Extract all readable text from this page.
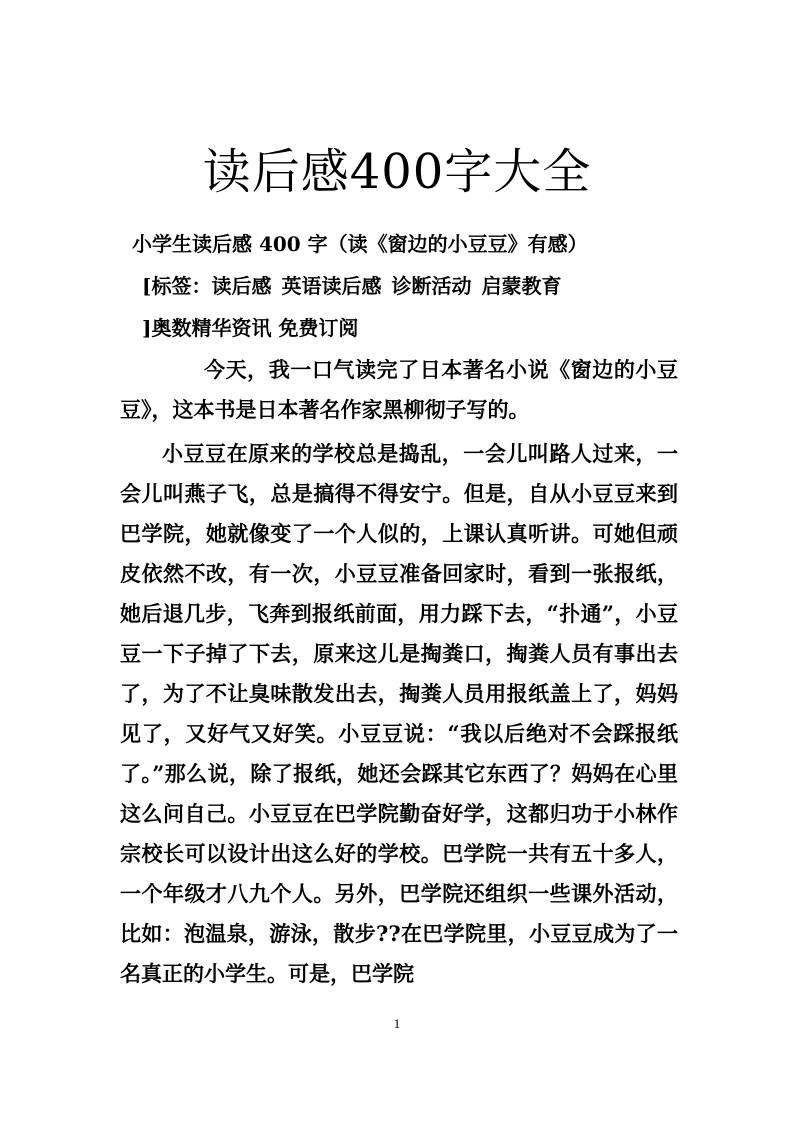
读后感400字大全
小学生读后感 400 字（读《窗边的小豆豆》有感）
[标签：读后感 英语读后感 诊断活动 启蒙教育
]奥数精华资讯 免费订阅

今天，我一口气读完了日本著名小说《窗边的小豆豆》，这本书是日本著名作家黑柳彻子写的。

小豆豆在原来的学校总是捣乱，一会儿叫路人过来，一会儿叫燕子飞，总是搞得不得安宁。但是，自从小豆豆来到巴学院，她就像变了一个人似的，上课认真听讲。可她但顽皮依然不改，有一次，小豆豆准备回家时，看到一张报纸，她后退几步，飞奔到报纸前面，用力踩下去，“扑通”，小豆豆一下子掉了下去，原来这儿是掏粪口，掏粪人员有事出去了，为了不让臭味散发出去，掏粪人员用报纸盖上了，妈妈见了，又好气又好笑。小豆豆说：“我以后绝对不会踩报纸了。”那么说，除了报纸，她还会踩其它东西了？妈妈在心里这么问自己。小豆豆在巴学院勤奋好学，这都归功于小林作宗校长可以设计出这么好的学校。巴学院一共有五十多人，一个年级才八九个人。另外，巴学院还组织一些课外活动，比如：泡温泉，游泳，散步??在巴学院里，小豆豆成为了一名真正的小学生。可是，巴学院

1
